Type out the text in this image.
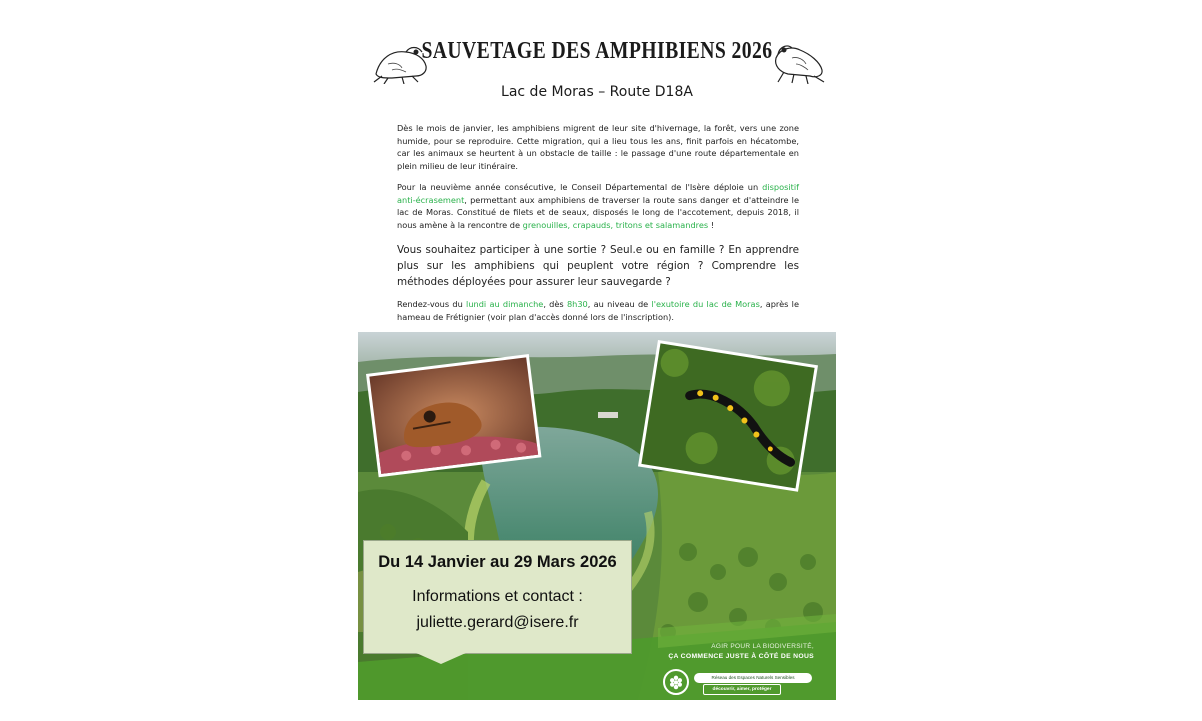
SAUVETAGE DES AMPHIBIENS 2026
Lac de Moras – Route D18A
Dès le mois de janvier, les amphibiens migrent de leur site d'hivernage, la forêt, vers une zone humide, pour se reproduire. Cette migration, qui a lieu tous les ans, finit parfois en hécatombe, car les animaux se heurtent à un obstacle de taille : le passage d'une route départementale en plein milieu de leur itinéraire.
Pour la neuvième année consécutive, le Conseil Départemental de l'Isère déploie un dispositif anti-écrasement, permettant aux amphibiens de traverser la route sans danger et d'atteindre le lac de Moras. Constitué de filets et de seaux, disposés le long de l'accotement, depuis 2018, il nous amène à la rencontre de grenouilles, crapauds, tritons et salamandres !
Vous souhaitez participer à une sortie ? Seul.e ou en famille ? En apprendre plus sur les amphibiens qui peuplent votre région ? Comprendre les méthodes déployées pour assurer leur sauvegarde ?
Rendez-vous du lundi au dimanche, dès 8h30, au niveau de l'exutoire du lac de Moras, après le hameau de Frétignier (voir plan d'accès donné lors de l'inscription).
Du 14 Janvier au 29 Mars 2026
Informations et contact :
juliette.gerard@isere.fr
AGIR POUR LA BIODIVERSITÉ,
ÇA COMMENCE JUSTE À CÔTÉ DE NOUS
Réseau des Espaces Naturels Sensibles
découvrir, aimer, protéger
